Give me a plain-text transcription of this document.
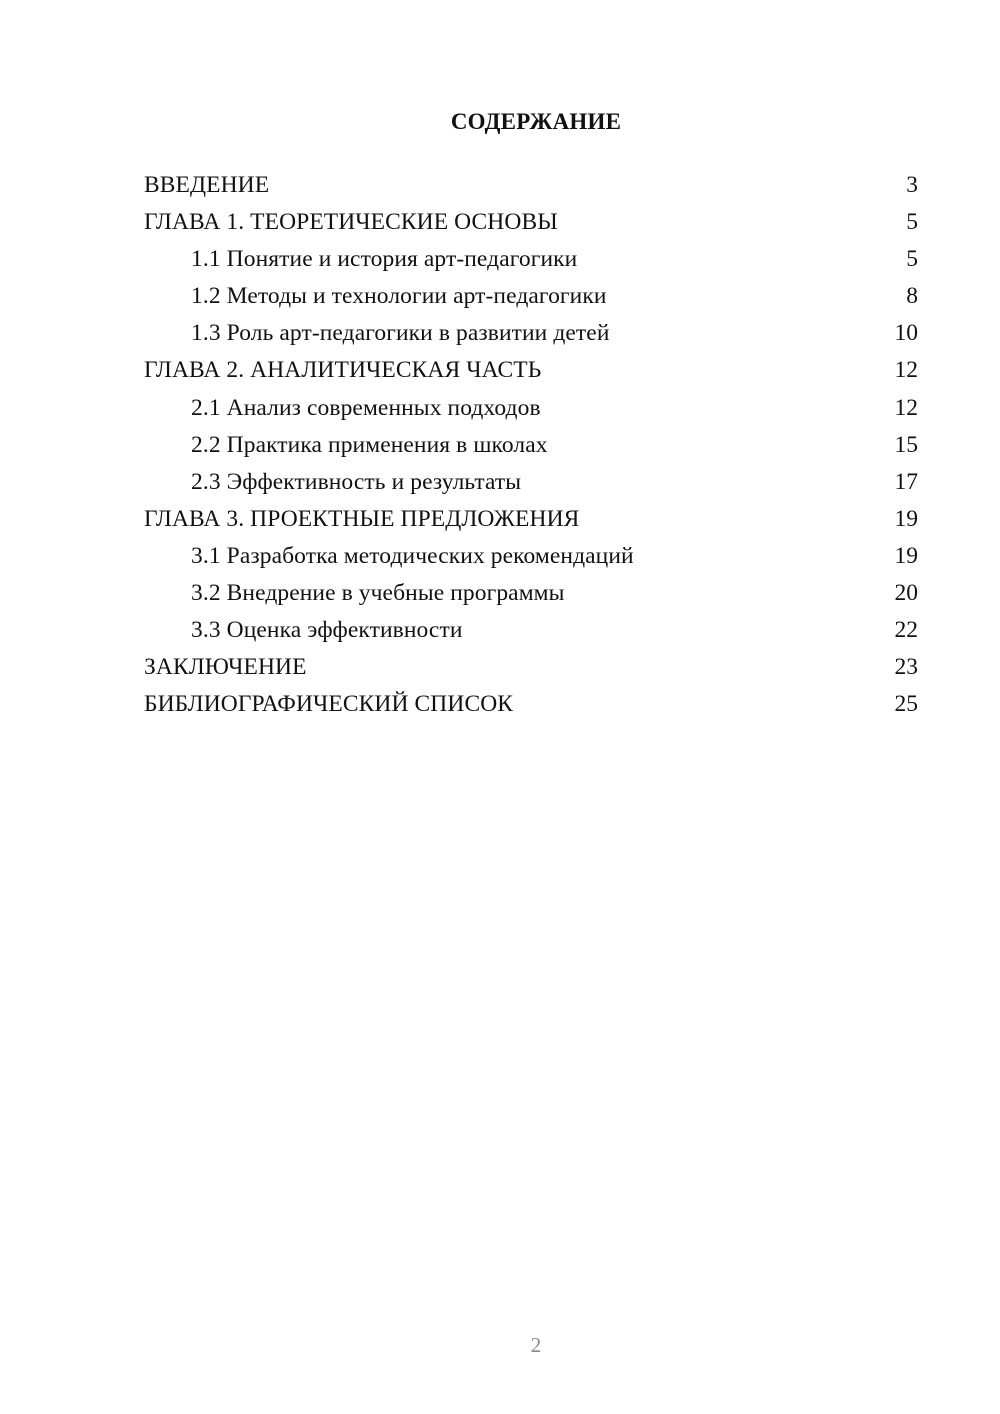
СОДЕРЖАНИЕ
ВВЕДЕНИЕ	3
ГЛАВА 1. ТЕОРЕТИЧЕСКИЕ ОСНОВЫ	5
1.1 Понятие и история арт-педагогики	5
1.2 Методы и технологии арт-педагогики	8
1.3 Роль арт-педагогики в развитии детей	10
ГЛАВА 2. АНАЛИТИЧЕСКАЯ ЧАСТЬ	12
2.1 Анализ современных подходов	12
2.2 Практика применения в школах	15
2.3 Эффективность и результаты	17
ГЛАВА 3. ПРОЕКТНЫЕ ПРЕДЛОЖЕНИЯ	19
3.1 Разработка методических рекомендаций	19
3.2 Внедрение в учебные программы	20
3.3 Оценка эффективности	22
ЗАКЛЮЧЕНИЕ	23
БИБЛИОГРАФИЧЕСКИЙ СПИСОК	25
2
